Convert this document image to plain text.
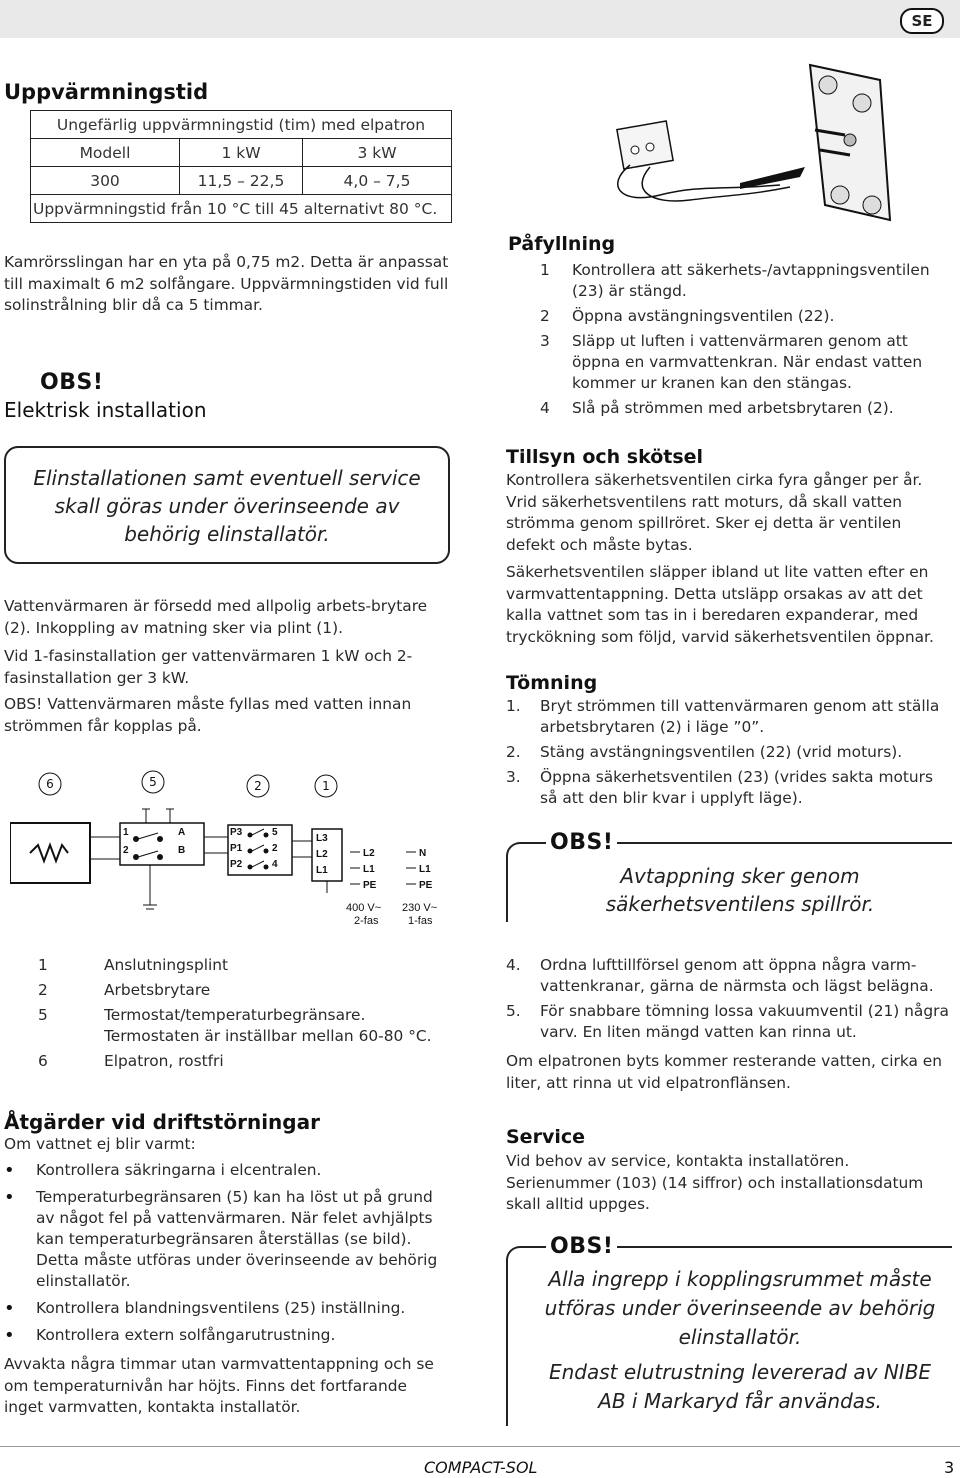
SE
Uppvärmningstid
Ungefärlig uppvärmningstid (tim) med elpatron		
Modell	1 kW	3 kW
300	11,5 – 22,5	4,0 – 7,5
Uppvärmningstid från 10 °C till 45 alternativt 80 °C.		
Kamrörsslingan har en yta på 0,75 m2. Detta är anpassat till maximalt 6 m2 solfångare. Uppvärmningstiden vid full solinstrålning blir då ca 5 timmar.
OBS!
Elektrisk installation
Elinstallationen samt eventuell service skall göras under överinseende av behörig elinstallatör.
Vattenvärmaren är försedd med allpolig arbets-brytare (2). Inkoppling av matning sker via plint (1).
Vid 1-fasinstallation ger vattenvärmaren 1 kW och 2-fasinstallation ger 3 kW.
OBS! Vattenvärmaren måste fyllas med vatten innan strömmen får kopplas på.
6	5	2	1
1
2
A
B
P3
P1
P2
5
2
4
L3
L2
L1
L2
L1
PE
N
L1
PE
400 V~
2-fas
230 V~
1-fas
1	Anslutningsplint
2	Arbetsbrytare
5	Termostat/temperaturbegränsare. Termostaten är inställbar mellan 60-80 °C.
6	Elpatron, rostfri
Åtgärder vid driftstörningar
Om vattnet ej blir varmt:
• Kontrollera säkringarna i elcentralen.
• Temperaturbegränsaren (5) kan ha löst ut på grund av något fel på vattenvärmaren. När felet avhjälpts kan temperaturbegränsaren återställas (se bild). Detta måste utföras under överinseende av behörig elinstallatör.
• Kontrollera blandningsventilens (25) inställning.
• Kontrollera extern solfångarutrustning.
Avvakta några timmar utan varmvattentappning och se om temperaturnivån har höjts. Finns det fortfarande inget varmvatten, kontakta installatör.
Påfyllning
1	Kontrollera att säkerhets-/avtappningsventilen (23) är stängd.
2	Öppna avstängningsventilen (22).
3	Släpp ut luften i vattenvärmaren genom att öppna en varmvattenkran. När endast vatten kommer ur kranen kan den stängas.
4	Slå på strömmen med arbetsbrytaren (2).
Tillsyn och skötsel
Kontrollera säkerhetsventilen cirka fyra gånger per år. Vrid säkerhetsventilens ratt moturs, då skall vatten strömma genom spillröret. Sker ej detta är ventilen defekt och måste bytas.
Säkerhetsventilen släpper ibland ut lite vatten efter en varmvattentappning. Detta utsläpp orsakas av att det kalla vattnet som tas in i beredaren expanderar, med tryckökning som följd, varvid säkerhetsventilen öppnar.
Tömning
1.	Bryt strömmen till vattenvärmaren genom att ställa arbetsbrytaren (2) i läge ”0”.
2.	Stäng avstängningsventilen (22) (vrid moturs).
3.	Öppna säkerhetsventilen (23) (vrides sakta moturs så att den blir kvar i upplyft läge).
OBS!
Avtappning sker genom säkerhetsventilens spillrör.
4.	Ordna lufttillförsel genom att öppna några varm-vattenkranar, gärna de närmsta och lägst belägna.
5.	För snabbare tömning lossa vakuumventil (21) några varv. En liten mängd vatten kan rinna ut.
Om elpatronen byts kommer resterande vatten, cirka en liter, att rinna ut vid elpatronflänsen.
Service
Vid behov av service, kontakta installatören. Serienummer (103) (14 siffror) och installationsdatum skall alltid uppges.
OBS!
Alla ingrepp i kopplingsrummet måste utföras under överinseende av behörig elinstallatör.
Endast elutrustning levererad av NIBE AB i Markaryd får användas.
COMPACT-SOL	3
